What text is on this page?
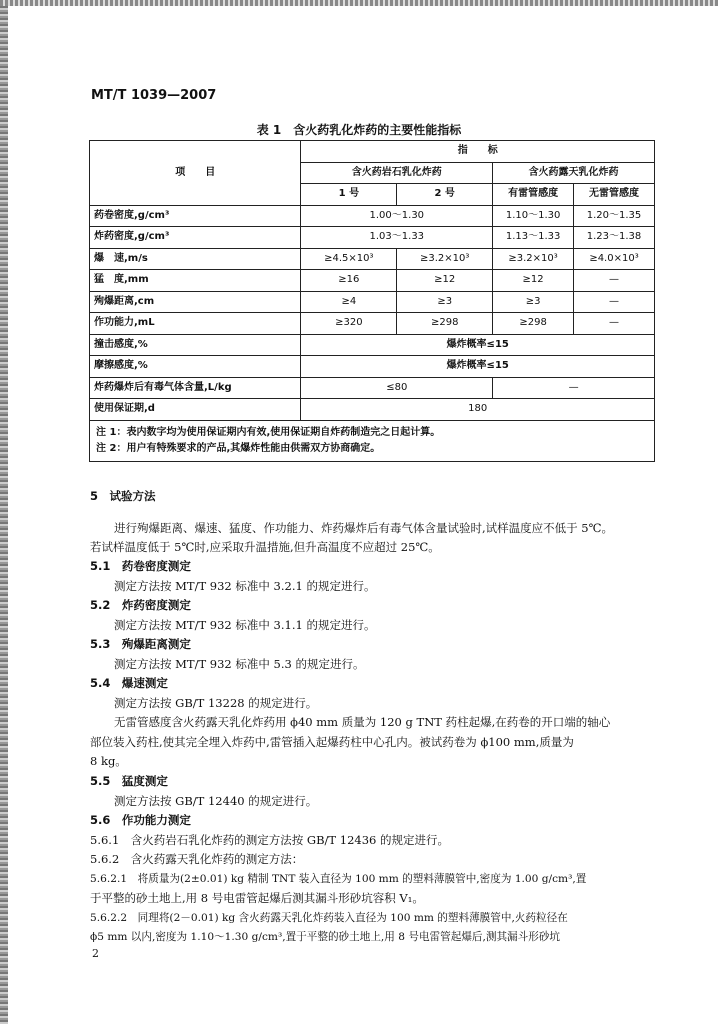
MT/T 1039—2007
表 1　含火药乳化炸药的主要性能指标
项　　目	指　　标			
	含火药岩石乳化炸药		含火药露天乳化炸药	
	1 号	2 号	有雷管感度	无雷管感度
药卷密度,g/cm³	1.00～1.30		1.10～1.30	1.20～1.35
炸药密度,g/cm³	1.03～1.33		1.13～1.33	1.23～1.38
爆　速,m/s	≥4.5×10³	≥3.2×10³	≥3.2×10³	≥4.0×10³
猛　度,mm	≥16	≥12	≥12	—
殉爆距离,cm	≥4	≥3	≥3	—
作功能力,mL	≥320	≥298	≥298	—
撞击感度,%	爆炸概率≤15			
摩擦感度,%	爆炸概率≤15			
炸药爆炸后有毒气体含量,L/kg	≤80		—	
使用保证期,d	180			

注 1：表内数字均为使用保证期内有效,使用保证期自炸药制造完之日起计算。
注 2：用户有特殊要求的产品,其爆炸性能由供需双方协商确定。				
5　试验方法
进行殉爆距离、爆速、猛度、作功能力、炸药爆炸后有毒气体含量试验时,试样温度应不低于 5℃。
若试样温度低于 5℃时,应采取升温措施,但升高温度不应超过 25℃。
5.1　药卷密度测定
测定方法按 MT/T 932 标准中 3.2.1 的规定进行。
5.2　炸药密度测定
测定方法按 MT/T 932 标准中 3.1.1 的规定进行。
5.3　殉爆距离测定
测定方法按 MT/T 932 标准中 5.3 的规定进行。
5.4　爆速测定
测定方法按 GB/T 13228 的规定进行。
无雷管感度含火药露天乳化炸药用 ϕ40 mm 质量为 120 g TNT 药柱起爆,在药卷的开口端的轴心
部位装入药柱,使其完全埋入炸药中,雷管插入起爆药柱中心孔内。被试药卷为 ϕ100 mm,质量为
8 kg。
5.5　猛度测定
测定方法按 GB/T 12440 的规定进行。
5.6　作功能力测定
5.6.1　含火药岩石乳化炸药的测定方法按 GB/T 12436 的规定进行。
5.6.2　含火药露天乳化炸药的测定方法：
5.6.2.1　将质量为(2±0.01) kg 精制 TNT 装入直径为 100 mm 的塑料薄膜管中,密度为 1.00 g/cm³,置
于平整的砂土地上,用 8 号电雷管起爆后测其漏斗形砂坑容积 V₁。
5.6.2.2　同理将(2－0.01) kg 含火药露天乳化炸药装入直径为 100 mm 的塑料薄膜管中,火药粒径在
ϕ5 mm 以内,密度为 1.10～1.30 g/cm³,置于平整的砂土地上,用 8 号电雷管起爆后,测其漏斗形砂坑
2
